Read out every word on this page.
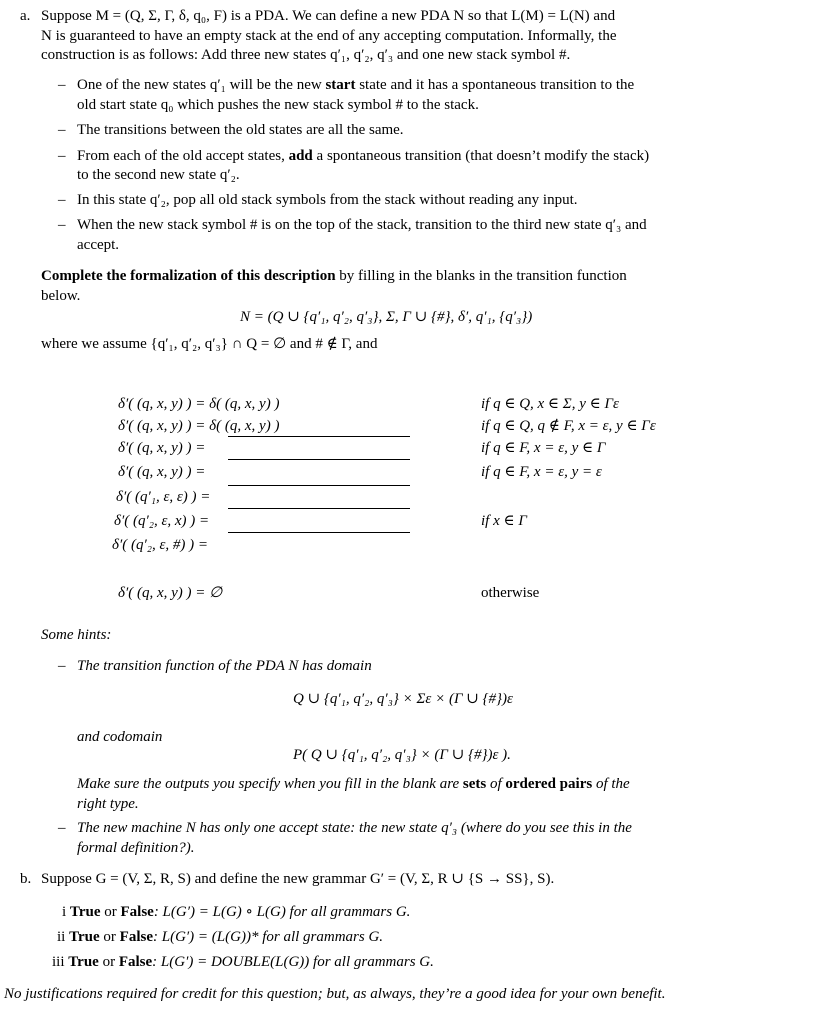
a. Suppose M = (Q, Σ, Γ, δ, q₀, F) is a PDA. We can define a new PDA N so that L(M) = L(N) and
N is guaranteed to have an empty stack at the end of any accepting computation. Informally, the
construction is as follows: Add three new states q′₁, q′₂, q′₃ and one new stack symbol #.
– One of the new states q′₁ will be the new start state and it has a spontaneous transition to the
old start state q₀ which pushes the new stack symbol # to the stack.
– The transitions between the old states are all the same.
– From each of the old accept states, add a spontaneous transition (that doesn’t modify the stack)
to the second new state q′₂.
– In this state q′₂, pop all old stack symbols from the stack without reading any input.
– When the new stack symbol # is on the top of the stack, transition to the third new state q′₃ and
accept.
Complete the formalization of this description by filling in the blanks in the transition function
below.
N = (Q ∪ {q′₁, q′₂, q′₃}, Σ, Γ ∪ {#}, δ′, q′₁, {q′₃})
where we assume {q′₁, q′₂, q′₃} ∩ Q = ∅ and # ∉ Γ, and
δ′( (q, x, y) ) = δ( (q, x, y) )	if q ∈ Q, x ∈ Σ, y ∈ Γε
δ′( (q, x, y) ) = δ( (q, x, y) )	if q ∈ Q, q ∉ F, x = ε, y ∈ Γε
δ′( (q, x, y) ) =	if q ∈ F, x = ε, y ∈ Γ
δ′( (q, x, y) ) =	if q ∈ F, x = ε, y = ε
δ′( (q′₁, ε, ε) ) =
δ′( (q′₂, ε, x) ) =	if x ∈ Γ
δ′( (q′₂, ε, #) ) =
δ′( (q, x, y) ) = ∅	otherwise
Some hints:
– The transition function of the PDA N has domain
Q ∪ {q′₁, q′₂, q′₃} × Σε × (Γ ∪ {#})ε
and codomain
P( Q ∪ {q′₁, q′₂, q′₃} × (Γ ∪ {#})ε ).
Make sure the outputs you specify when you fill in the blank are sets of ordered pairs of the
right type.
– The new machine N has only one accept state: the new state q′₃ (where do you see this in the
formal definition?).
b. Suppose G = (V, Σ, R, S) and define the new grammar G′ = (V, Σ, R ∪ {S → SS}, S).
i True or False: L(G′) = L(G) ∘ L(G) for all grammars G.
ii True or False: L(G′) = (L(G))* for all grammars G.
iii True or False: L(G′) = DOUBLE(L(G)) for all grammars G.
No justifications required for credit for this question; but, as always, they’re a good idea for your own benefit.
